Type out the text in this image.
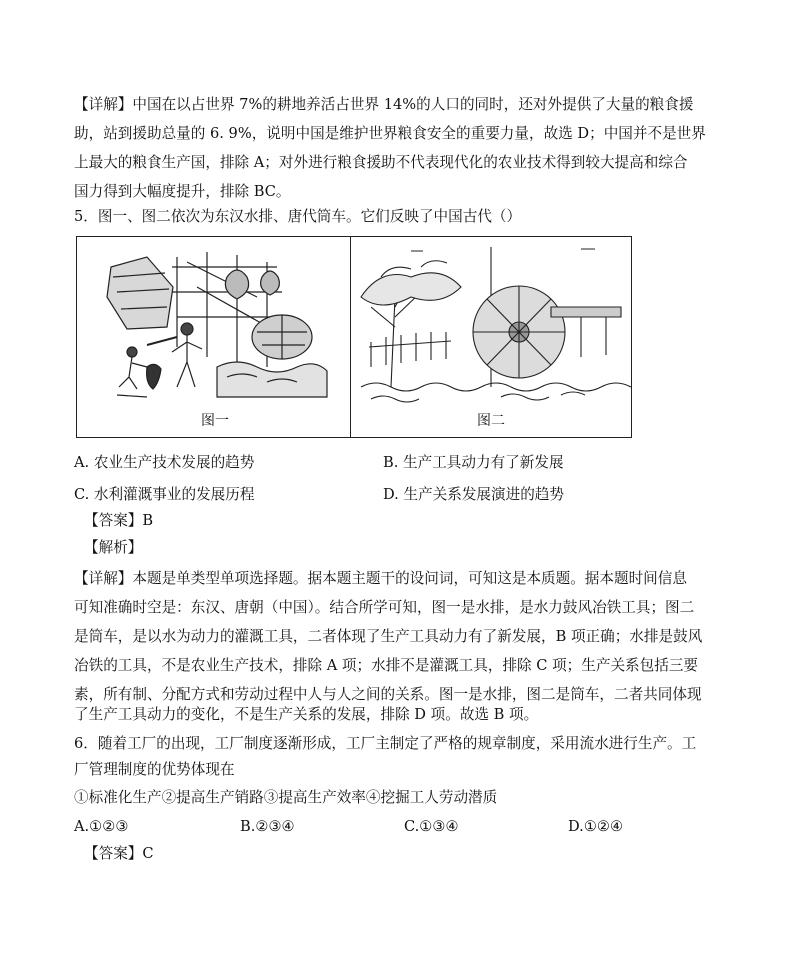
【详解】中国在以占世界 7%的耕地养活占世界 14%的人口的同时，还对外提供了大量的粮食援
助，站到援助总量的 6. 9%，说明中国是维护世界粮食安全的重要力量，故选 D；中国并不是世界
上最大的粮食生产国，排除 A；对外进行粮食援助不代表现代化的农业技术得到较大提高和综合
国力得到大幅度提升，排除 BC。
5．图一、图二依次为东汉水排、唐代筒车。它们反映了中国古代（）
图一	图二
A. 农业生产技术发展的趋势	B. 生产工具动力有了新发展
C. 水利灌溉事业的发展历程	D. 生产关系发展演进的趋势
【答案】B
【解析】
【详解】本题是单类型单项选择题。据本题主题干的设问词，可知这是本质题。据本题时间信息
可知准确时空是：东汉、唐朝（中国）。结合所学可知，图一是水排，是水力鼓风冶铁工具；图二
是筒车，是以水为动力的灌溉工具，二者体现了生产工具动力有了新发展，B 项正确；水排是鼓风
冶铁的工具，不是农业生产技术，排除 A 项；水排不是灌溉工具，排除 C 项；生产关系包括三要
素，所有制、分配方式和劳动过程中人与人之间的关系。图一是水排，图二是筒车，二者共同体现
了生产工具动力的变化，不是生产关系的发展，排除 D 项。故选 B 项。
6．随着工厂的出现，工厂制度逐渐形成，工厂主制定了严格的规章制度，采用流水进行生产。工
厂管理制度的优势体现在
①标准化生产②提高生产销路③提高生产效率④挖掘工人劳动潜质
A.①②③	B.②③④	C.①③④	D.①②④
【答案】C
